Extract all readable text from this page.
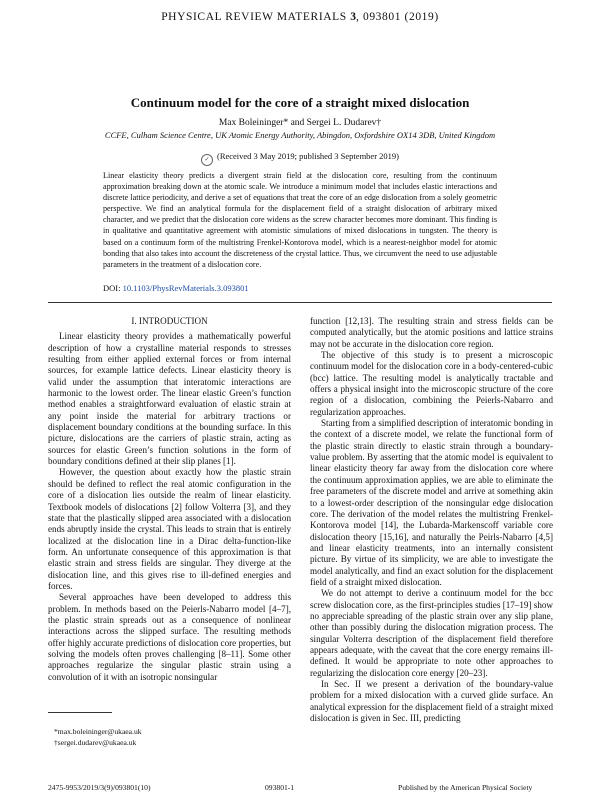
PHYSICAL REVIEW MATERIALS 3, 093801 (2019)
Continuum model for the core of a straight mixed dislocation
Max Boleininger* and Sergei L. Dudarev†
CCFE, Culham Science Centre, UK Atomic Energy Authority, Abingdon, Oxfordshire OX14 3DB, United Kingdom
✓ (Received 3 May 2019; published 3 September 2019)

Linear elasticity theory predicts a divergent strain field at the dislocation core, resulting from the continuum approximation breaking down at the atomic scale. We introduce a minimum model that includes elastic interactions and discrete lattice periodicity, and derive a set of equations that treat the core of an edge dislocation from a solely geometric perspective. We find an analytical formula for the displacement field of a straight dislocation of arbitrary mixed character, and we predict that the dislocation core widens as the screw character becomes more dominant. This finding is in qualitative and quantitative agreement with atomistic simulations of mixed dislocations in tungsten. The theory is based on a continuum form of the multistring Frenkel-Kontorova model, which is a nearest-neighbor model for atomic bonding that also takes into account the discreteness of the crystal lattice. Thus, we circumvent the need to use adjustable parameters in the treatment of a dislocation core.

DOI: 10.1103/PhysRevMaterials.3.093801

I. INTRODUCTION

Linear elasticity theory provides a mathematically powerful description of how a crystalline material responds to stresses resulting from either applied external forces or from internal sources, for example lattice defects. Linear elasticity theory is valid under the assumption that interatomic interactions are harmonic to the lowest order. The linear elastic Green’s function method enables a straightforward evaluation of elastic strain at any point inside the material for arbitrary tractions or displacement boundary conditions at the bounding surface. In this picture, dislocations are the carriers of plastic strain, acting as sources for elastic Green’s function solutions in the form of boundary conditions defined at their slip planes [1].

However, the question about exactly how the plastic strain should be defined to reflect the real atomic configuration in the core of a dislocation lies outside the realm of linear elasticity. Textbook models of dislocations [2] follow Volterra [3], and they state that the plastically slipped area associated with a dislocation ends abruptly inside the crystal. This leads to strain that is entirely localized at the dislocation line in a Dirac delta-function-like form. An unfortunate consequence of this approximation is that elastic strain and stress fields are singular. They diverge at the dislocation line, and this gives rise to ill-defined energies and forces.

Several approaches have been developed to address this problem. In methods based on the Peierls-Nabarro model [4–7], the plastic strain spreads out as a consequence of nonlinear interactions across the slipped surface. The resulting methods offer highly accurate predictions of dislocation core properties, but solving the models often proves challenging [8–11]. Some other approaches regularize the singular plastic strain using a convolution of it with an isotropic nonsingular

function [12,13]. The resulting strain and stress fields can be computed analytically, but the atomic positions and lattice strains may not be accurate in the dislocation core region.

The objective of this study is to present a microscopic continuum model for the dislocation core in a body-centered-cubic (bcc) lattice. The resulting model is analytically tractable and offers a physical insight into the microscopic structure of the core region of a dislocation, combining the Peierls-Nabarro and regularization approaches.

Starting from a simplified description of interatomic bonding in the context of a discrete model, we relate the functional form of the plastic strain directly to elastic strain through a boundary-value problem. By asserting that the atomic model is equivalent to linear elasticity theory far away from the dislocation core where the continuum approximation applies, we are able to eliminate the free parameters of the discrete model and arrive at something akin to a lowest-order description of the nonsingular edge dislocation core. The derivation of the model relates the multistring Frenkel-Kontorova model [14], the Lubarda-Markenscoff variable core dislocation theory [15,16], and naturally the Peirls-Nabarro [4,5] and linear elasticity treatments, into an internally consistent picture. By virtue of its simplicity, we are able to investigate the model analytically, and find an exact solution for the displacement field of a straight mixed dislocation.

We do not attempt to derive a continuum model for the bcc screw dislocation core, as the first-principles studies [17–19] show no appreciable spreading of the plastic strain over any slip plane, other than possibly during the dislocation migration process. The singular Volterra description of the displacement field therefore appears adequate, with the caveat that the core energy remains ill-defined. It would be appropriate to note other approaches to regularizing the dislocation core energy [20–23].

In Sec. II we present a derivation of the boundary-value problem for a mixed dislocation with a curved glide surface. An analytical expression for the displacement field of a straight mixed dislocation is given in Sec. III, predicting

*max.boleininger@ukaea.uk
†sergei.dudarev@ukaea.uk
2475-9953/2019/3(9)/093801(10)	093801-1	Published by the American Physical Society
